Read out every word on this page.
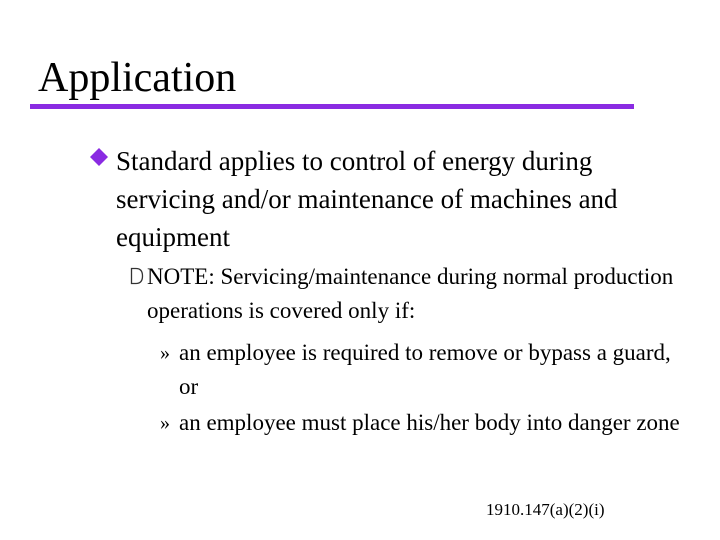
Application
Standard applies to control of energy during servicing and/or maintenance of machines and equipment
NOTE: Servicing/maintenance during normal production operations is covered only if:
» an employee is required to remove or bypass a guard, or
» an employee must place his/her body into danger zone
1910.147(a)(2)(i)
